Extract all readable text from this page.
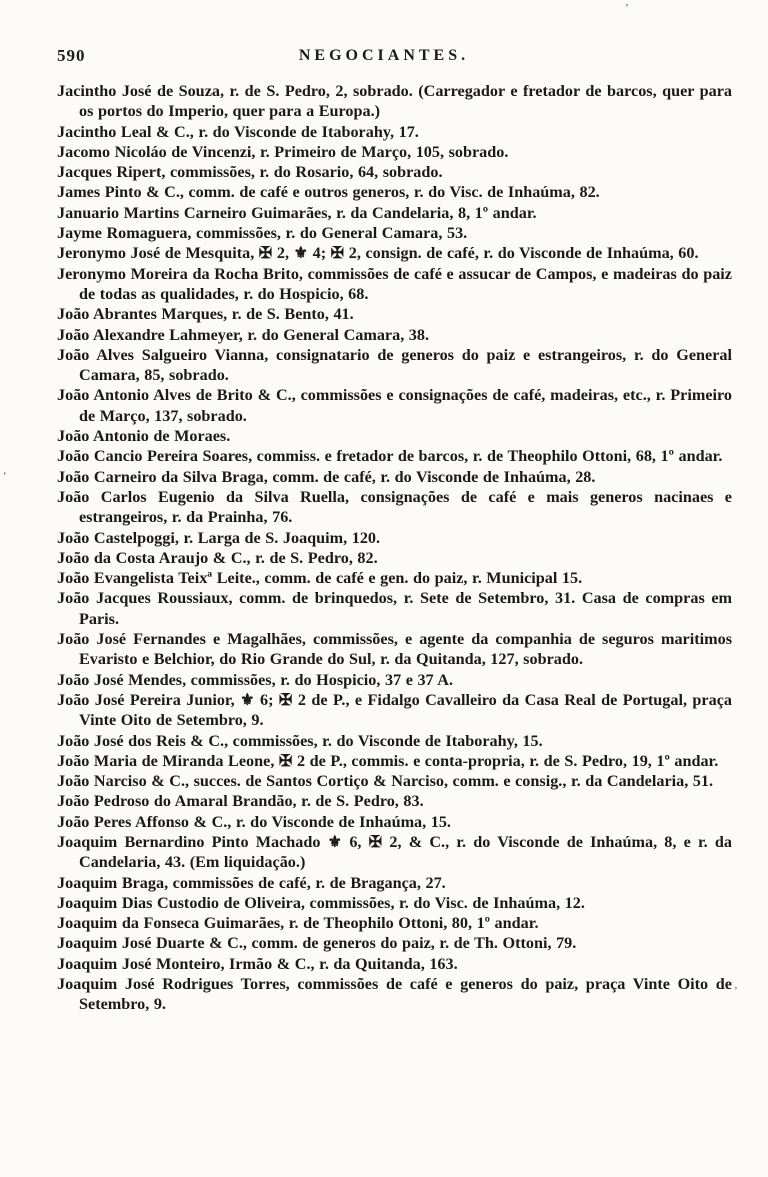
’
‘
’
590	NEGOCIANTES.

Jacintho José de Souza, r. de S. Pedro, 2, sobrado. (Carregador e fretador de barcos, quer para os portos do Imperio, quer para a Europa.)

Jacintho Leal & C., r. do Visconde de Itaborahy, 17.

Jacomo Nicoláo de Vincenzi, r. Primeiro de Março, 105, sobrado.

Jacques Ripert, commissões, r. do Rosario, 64, sobrado.

James Pinto & C., comm. de café e outros generos, r. do Visc. de Inhaúma, 82.

Januario Martins Carneiro Guimarães, r. da Candelaria, 8, 1º andar.

Jayme Romaguera, commissões, r. do General Camara, 53.

Jeronymo José de Mesquita, ✠ 2, ⚜ 4; ✠ 2, consign. de café, r. do Visconde de Inhaúma, 60.

Jeronymo Moreira da Rocha Brito, commissões de café e assucar de Campos, e madeiras do paiz de todas as qualidades, r. do Hospicio, 68.

João Abrantes Marques, r. de S. Bento, 41.

João Alexandre Lahmeyer, r. do General Camara, 38.

João Alves Salgueiro Vianna, consignatario de generos do paiz e estrangeiros, r. do General Camara, 85, sobrado.

João Antonio Alves de Brito & C., commissões e consignações de café, madeiras, etc., r. Primeiro de Março, 137, sobrado.

João Antonio de Moraes.

João Cancio Pereira Soares, commiss. e fretador de barcos, r. de Theophilo Ottoni, 68, 1º andar.

João Carneiro da Silva Braga, comm. de café, r. do Visconde de Inhaúma, 28.

João Carlos Eugenio da Silva Ruella, consignações de café e mais generos nacinaes e estrangeiros, r. da Prainha, 76.

João Castelpoggi, r. Larga de S. Joaquim, 120.

João da Costa Araujo & C., r. de S. Pedro, 82.

João Evangelista Teixª Leite., comm. de café e gen. do paiz, r. Municipal 15.

João Jacques Roussiaux, comm. de brinquedos, r. Sete de Setembro, 31. Casa de compras em Paris.

João José Fernandes e Magalhães, commissões, e agente da companhia de seguros maritimos Evaristo e Belchior, do Rio Grande do Sul, r. da Quitanda, 127, sobrado.

João José Mendes, commissões, r. do Hospicio, 37 e 37 A.

João José Pereira Junior, ⚜ 6; ✠ 2 de P., e Fidalgo Cavalleiro da Casa Real de Portugal, praça Vinte Oito de Setembro, 9.

João José dos Reis & C., commissões, r. do Visconde de Itaborahy, 15.

João Maria de Miranda Leone, ✠ 2 de P., commis. e conta-propria, r. de S. Pedro, 19, 1º andar.

João Narciso & C., succes. de Santos Cortiço & Narciso, comm. e consig., r. da Candelaria, 51.

João Pedroso do Amaral Brandão, r. de S. Pedro, 83.

João Peres Affonso & C., r. do Visconde de Inhaúma, 15.

Joaquim Bernardino Pinto Machado ⚜ 6, ✠ 2, & C., r. do Visconde de Inhaúma, 8, e r. da Candelaria, 43. (Em liquidação.)

Joaquim Braga, commissões de café, r. de Bragança, 27.

Joaquim Dias Custodio de Oliveira, commissões, r. do Visc. de Inhaúma, 12.

Joaquim da Fonseca Guimarães, r. de Theophilo Ottoni, 80, 1º andar.

Joaquim José Duarte & C., comm. de generos do paiz, r. de Th. Ottoni, 79.

Joaquim José Monteiro, Irmão & C., r. da Quitanda, 163.

Joaquim José Rodrigues Torres, commissões de café e generos do paiz, praça Vinte Oito de Setembro, 9.
